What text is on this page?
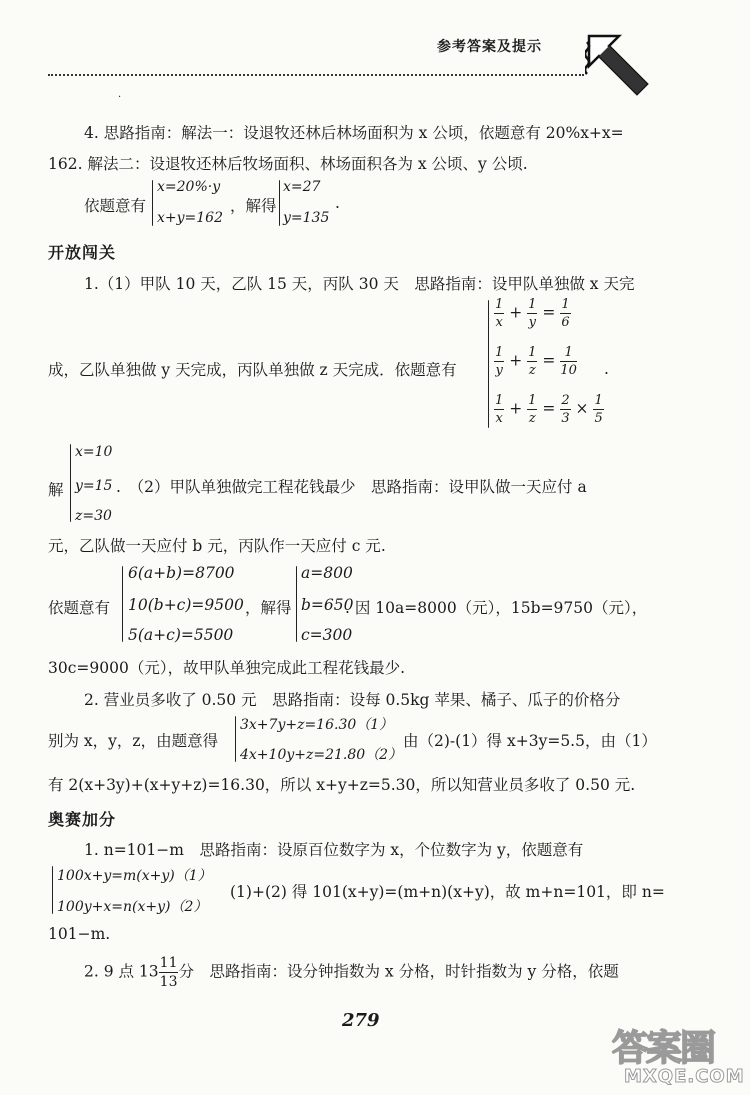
参考答案及提示
·
4. 思路指南：解法一：设退牧还林后林场面积为 x 公顷，依题意有 20%x+x=
162. 解法二：设退牧还林后牧场面积、林场面积各为 x 公顷、y 公顷.
依题意有
x=20%·y
x+y=162
，解得
x=27
y=135
.
开放闯关
1.（1）甲队 10 天，乙队 15 天，丙队 30 天　思路指南：设甲队单独做 x 天完
成，乙队单独做 y 天完成，丙队单独做 z 天完成．依题意有
$\frac{1}{x} + \frac{1}{y} = \frac{1}{6}$
$\frac{1}{y} + \frac{1}{z} = \frac{1}{10}$ .
$\frac{1}{x} + \frac{1}{z} = \frac{2}{3} \times \frac{1}{5}$
解
x=10
y=15
z=30
.　（2）甲队单独做完工程花钱最少　思路指南：设甲队做一天应付 a
元，乙队做一天应付 b 元，丙队作一天应付 c 元.
依题意有
6(a+b)=8700
10(b+c)=9500
5(a+c)=5500
，解得
a=800
b=650
c=300
. 因 10a=8000（元），15b=9750（元），
30c=9000（元），故甲队单独完成此工程花钱最少.
2. 营业员多收了 0.50 元　思路指南：设每 0.5kg 苹果、橘子、瓜子的价格分
别为 x，y，z，由题意得
3x+7y+z=16.30（1）
4x+10y+z=21.80（2）
由（2)-(1）得 x+3y=5.5，由（1）
有 2(x+3y)+(x+y+z)=16.30，所以 x+y+z=5.30，所以知营业员多收了 0.50 元.
奥赛加分
1. n=101−m　思路指南：设原百位数字为 x，个位数字为 y，依题意有
100x+y=m(x+y)（1）
100y+x=n(x+y)（2）
(1)+(2) 得 101(x+y)=(m+n)(x+y)，故 m+n=101，即 n=
101−m.
2. 9 点 $13 \frac{11}{13}$ 分　思路指南：设分钟指数为 x 分格，时针指数为 y 分格，依题
279
答案圈
MXQE.COM
